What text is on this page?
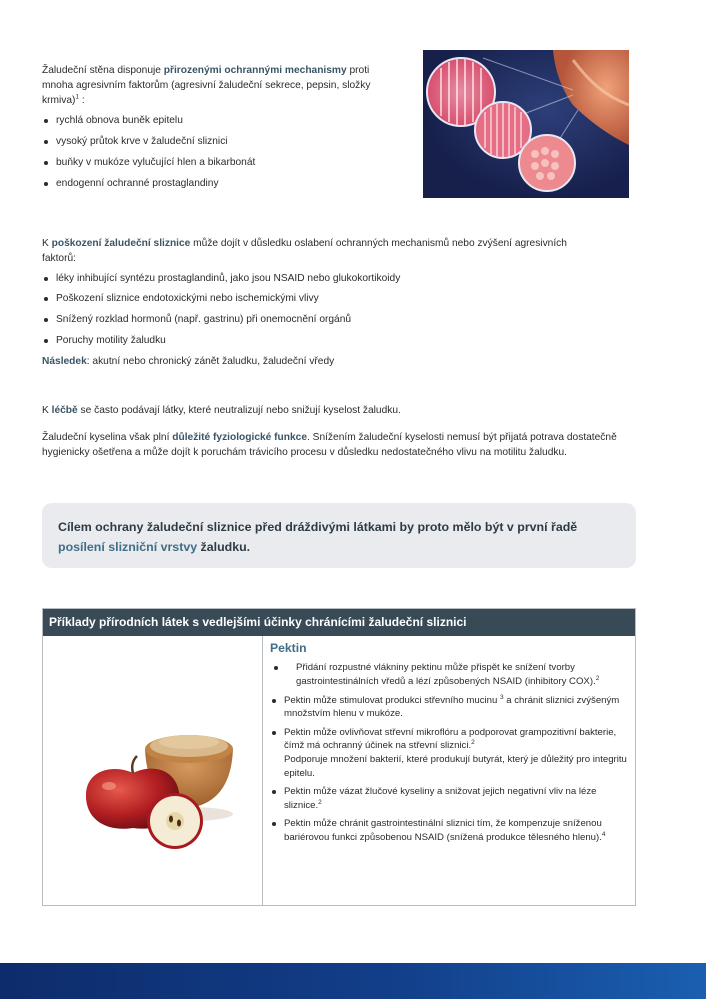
Žaludeční stěna disponuje přirozenými ochrannými mechanismy proti mnoha agresivním faktorům (agresivní žaludeční sekrece, pepsin, složky krmiva)$^1$ :

rychlá obnova buněk epitelu
vysoký průtok krve v žaludeční sliznici
buňky v mukóze vylučující hlen a bikarbonát
endogenní ochranné prostaglandiny

K poškození žaludeční sliznice může dojít v důsledku oslabení ochranných mechanismů nebo zvýšení agresivních faktorů:

léky inhibující syntézu prostaglandinů, jako jsou NSAID nebo glukokortikoidy
Poškození sliznice endotoxickými nebo ischemickými vlivy
Snížený rozklad hormonů (např. gastrinu) při onemocnění orgánů
Poruchy motility žaludku

Následek: akutní nebo chronický zánět žaludku, žaludeční vředy

K léčbě se často podávají látky, které neutralizují nebo snižují kyselost žaludku.

Žaludeční kyselina však plní důležité fyziologické funkce. Snížením žaludeční kyselosti nemusí být přijatá potrava dostatečně hygienicky ošetřena a může dojít k poruchám trávicího procesu v důsledku nedostatečného vlivu na motilitu žaludku.

Cílem ochrany žaludeční sliznice před dráždivými látkami by proto mělo být v první řadě
posílení slizniční vrstvy žaludku.
Příklady přírodních látek s vedlejšími účinky chránícími žaludeční sliznici
Pektin
Přidání rozpustné vlákniny pektinu může přispět ke snížení tvorby gastrointestinálních vředů a lézí způsobených NSAID (inhibitory COX).$^2$
Pektin může stimulovat produkci střevního mucinu $^3$ a chránit sliznici zvýšeným množstvím hlenu v mukóze.
Pektin může ovlivňovat střevní mikroflóru a podporovat grampozitivní bakterie, čímž má ochranný účinek na střevní sliznici.$^2$
Podporuje množení bakterií, které produkují butyrát, který je důležitý pro integritu epitelu.
Pektin může vázat žlučové kyseliny a snižovat jejich negativní vliv na léze sliznice.$^2$
Pektin může chránit gastrointestinální sliznici tím, že kompenzuje sníženou bariérovou funkci způsobenou NSAID (snížená produkce tělesného hlenu).$^4$
